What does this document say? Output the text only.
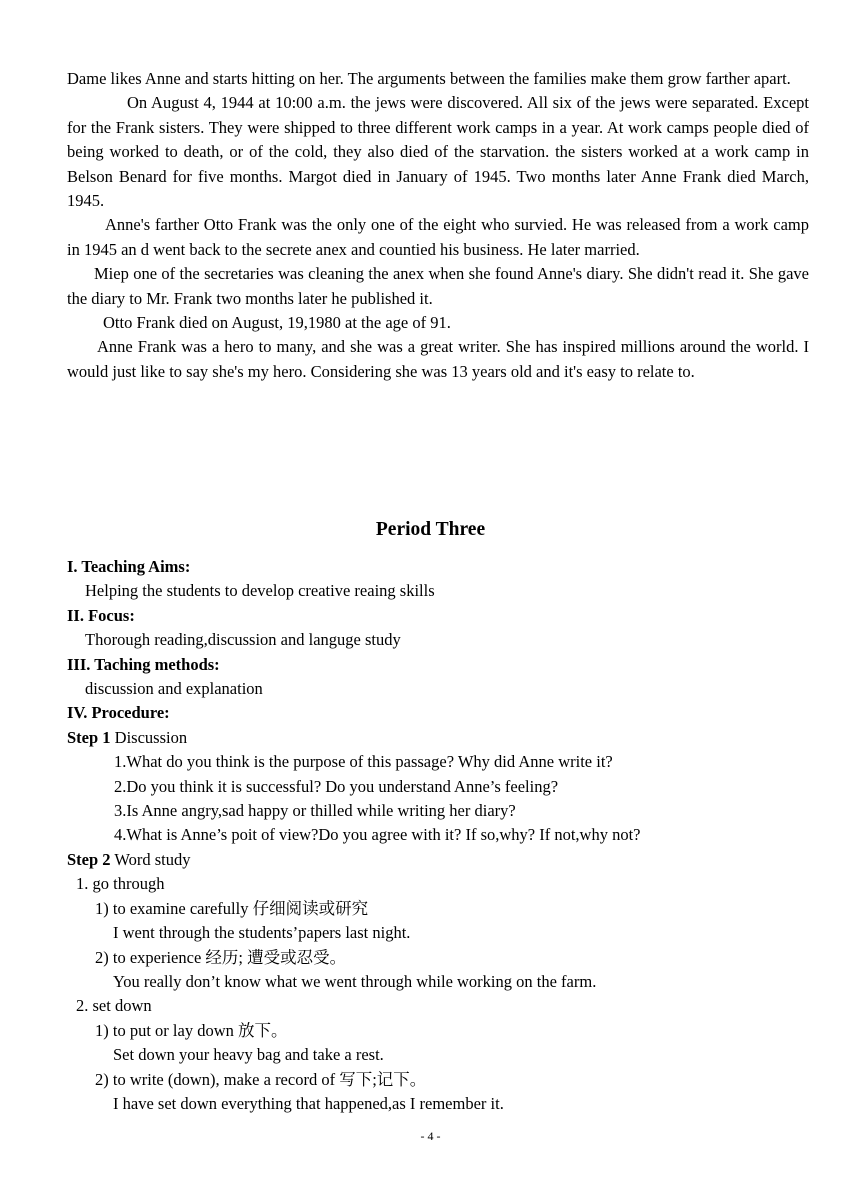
Dame likes Anne and starts hitting on her. The arguments between the families make them grow farther apart.

On August 4, 1944 at 10:00 a.m. the jews were discovered. All six of the jews were separated. Except for the Frank sisters. They were shipped to three different work camps in a year. At work camps people died of being worked to death, or of the cold, they also died of the starvation. the sisters worked at a work camp in Belson Benard for five months. Margot died in January of 1945. Two months later Anne Frank died March, 1945.

Anne's farther Otto Frank was the only one of the eight who survied. He was released from a work camp in 1945 an d went back to the secrete anex and countied his business. He later married.

Miep one of the secretaries was cleaning the anex when she found Anne's diary. She didn't read it. She gave the diary to Mr. Frank two months later he published it.

Otto Frank died on August, 19,1980 at the age of 91.

Anne Frank was a hero to many, and she was a great writer. She has inspired millions around the world. I would just like to say she's my hero. Considering she was 13 years old and it's easy to relate to.

Period Three
I. Teaching Aims:
Helping the students to develop creative reaing skills
II. Focus:
Thorough reading,discussion and languge study
III. Taching methods:
discussion and explanation
IV. Procedure:
Step 1 Discussion
1.What do you think is the purpose of this passage? Why did Anne write it?
2.Do you think it is successful? Do you understand Anne’s feeling?
3.Is Anne angry,sad happy or thilled while writing her diary?
4.What is Anne’s poit of view?Do you agree with it? If so,why? If not,why not?
Step 2 Word study
1. go through
1) to examine carefully 仔细阅读或研究
I went through the students’papers last night.
2) to experience 经历; 遭受或忍受。
You really don’t know what we went through while working on the farm.
2. set down
1) to put or lay down 放下。
Set down your heavy bag and take a rest.
2) to write (down), make a record of 写下;记下。
I have set down everything that happened,as I remember it.
- 4 -
